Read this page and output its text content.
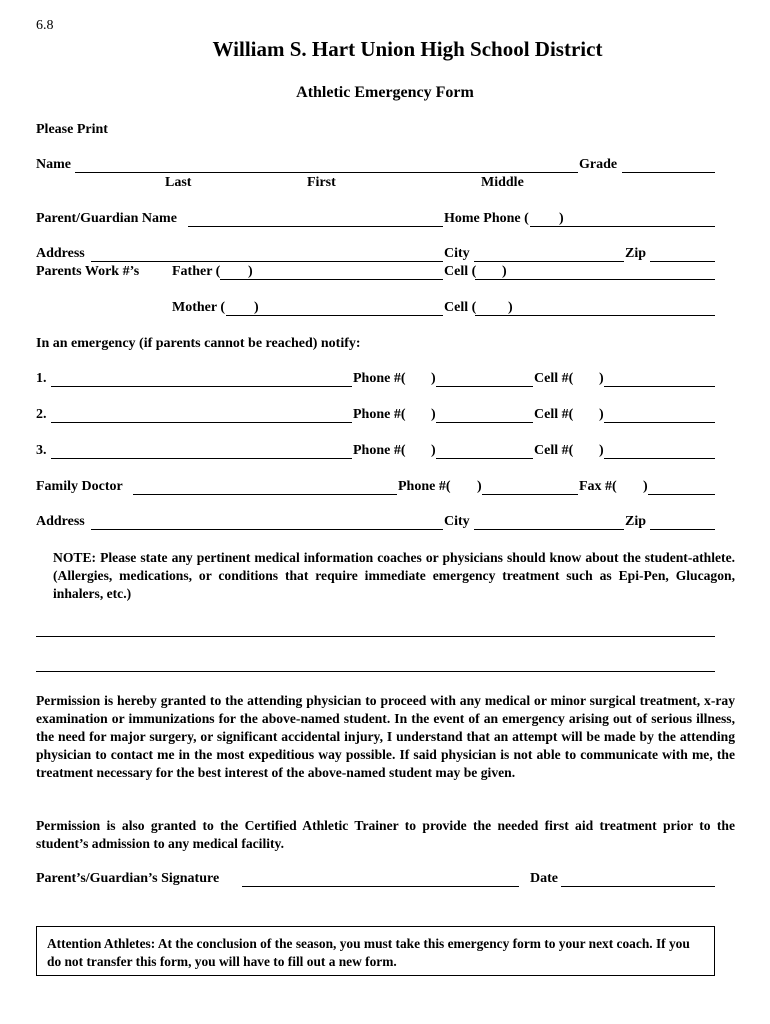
6.8
William S. Hart Union High School District
Athletic Emergency Form
Please Print
Name	Grade
Last	First	Middle
Parent/Guardian Name	Home Phone ( )
Address	City	Zip
Parents Work #’s Father ( )	Cell ( )
Mother ( )	Cell ( )
In an emergency (if parents cannot be reached) notify:
1.	Phone #( )	Cell #( )
2.	Phone #( )	Cell #( )
3.	Phone #( )	Cell #( )
Family Doctor	Phone #( )	Fax #( )
Address	City	Zip
NOTE: Please state any pertinent medical information coaches or physicians should know about the student-athlete. (Allergies, medications, or conditions that require immediate emergency treatment such as Epi-Pen, Glucagon, inhalers, etc.)
Permission is hereby granted to the attending physician to proceed with any medical or minor surgical treatment, x-ray examination or immunizations for the above-named student. In the event of an emergency arising out of serious illness, the need for major surgery, or significant accidental injury, I understand that an attempt will be made by the attending physician to contact me in the most expeditious way possible. If said physician is not able to communicate with me, the treatment necessary for the best interest of the above-named student may be given.
Permission is also granted to the Certified Athletic Trainer to provide the needed first aid treatment prior to the student’s admission to any medical facility.
Parent’s/Guardian’s Signature	Date
Attention Athletes: At the conclusion of the season, you must take this emergency form to your next coach. If you do not transfer this form, you will have to fill out a new form.
